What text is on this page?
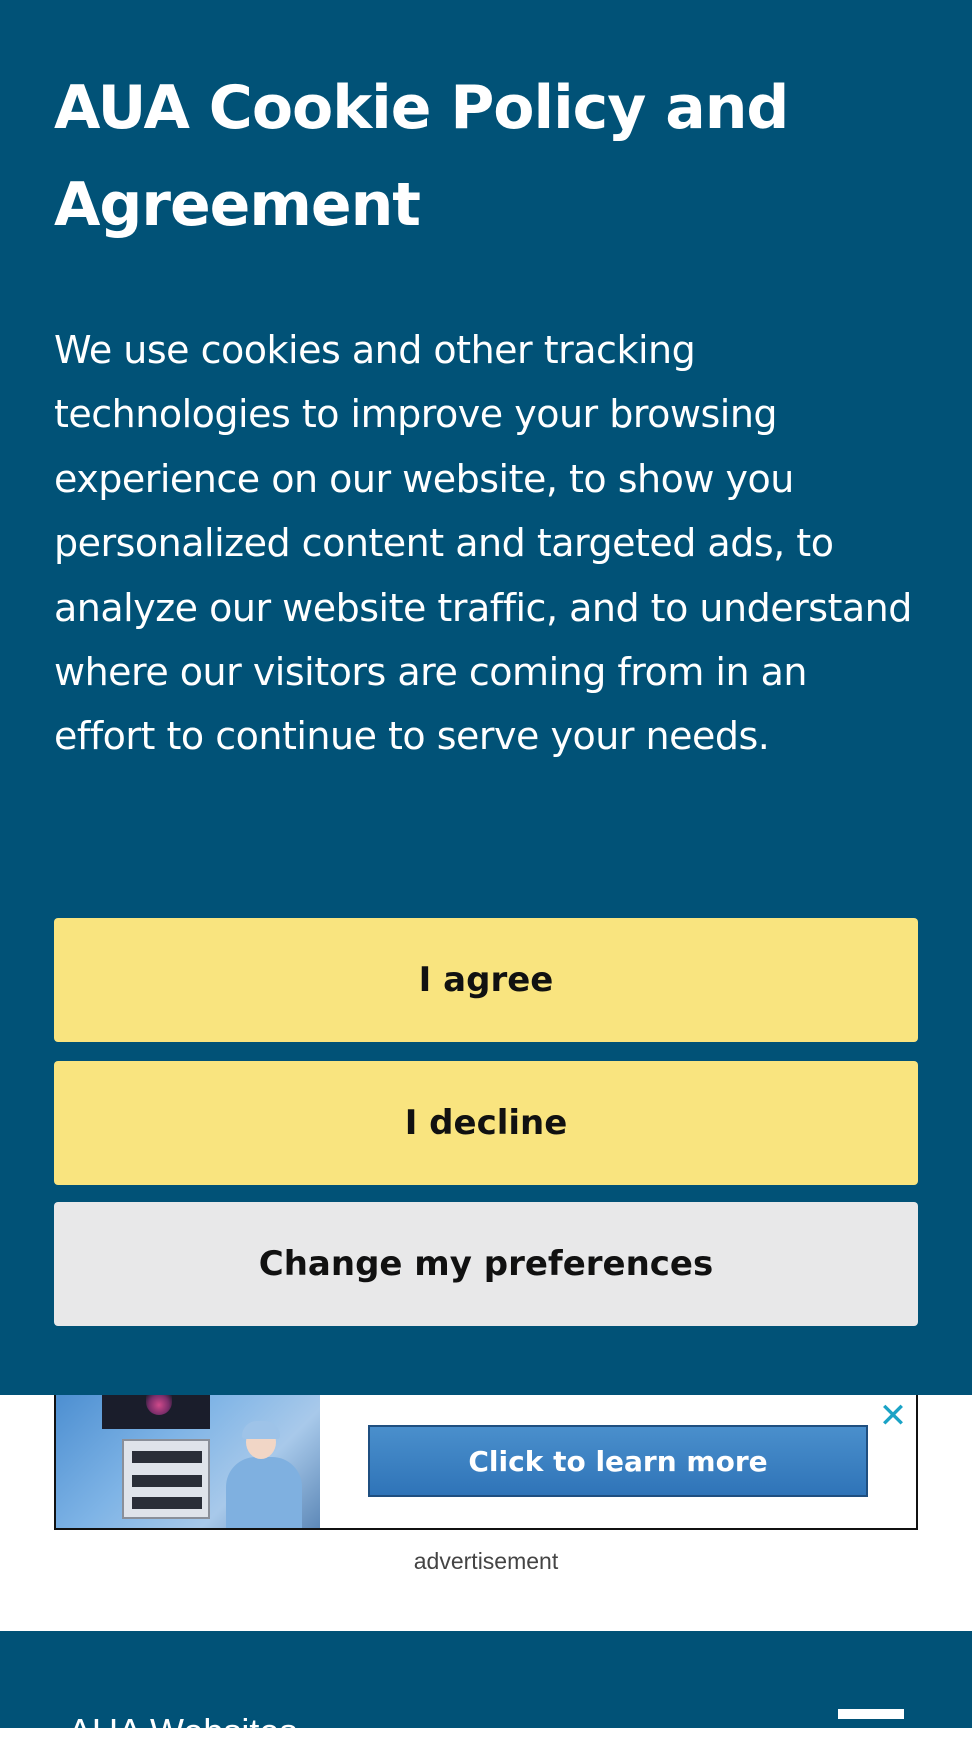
AUA Cookie Policy and Agreement

We use cookies and other tracking technologies to improve your browsing experience on our website, to show you personalized content and targeted ads, to analyze our website traffic, and to understand where our visitors are coming from in an effort to continue to serve your needs.

I agree
I decline
Change my preferences
Click to learn more
✕
advertisement
AUA Websites ⌄
